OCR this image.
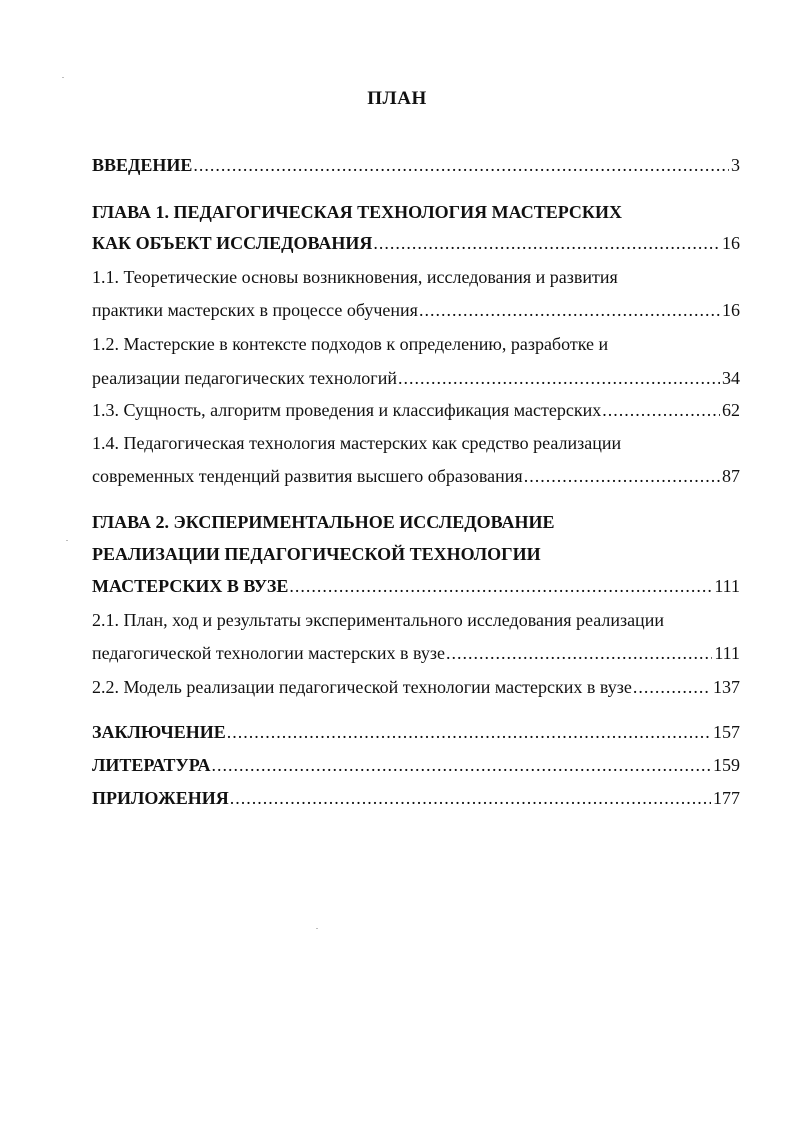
ПЛАН
ВВЕДЕНИЕ .....	3
ГЛАВА 1. ПЕДАГОГИЧЕСКАЯ ТЕХНОЛОГИЯ МАСТЕРСКИХ
КАК ОБЪЕКТ ИССЛЕДОВАНИЯ .....	16
1.1. Теоретические основы возникновения, исследования и развития
практики мастерских в процессе обучения .....	16
1.2. Мастерские в контексте подходов к определению, разработке и
реализации педагогических технологий .....	34
1.3. Сущность, алгоритм проведения и классификация мастерских .....	62
1.4. Педагогическая технология мастерских как средство реализации
современных тенденций развития высшего образования .....	87
ГЛАВА 2. ЭКСПЕРИМЕНТАЛЬНОЕ ИССЛЕДОВАНИЕ
РЕАЛИЗАЦИИ ПЕДАГОГИЧЕСКОЙ ТЕХНОЛОГИИ
МАСТЕРСКИХ В ВУЗЕ .....	111
2.1. План, ход и результаты экспериментального исследования реализации
педагогической технологии мастерских в вузе .....	111
2.2. Модель реализации педагогической технологии мастерских в вузе .....	137
ЗАКЛЮЧЕНИЕ .....	157
ЛИТЕРАТУРА .....	159
ПРИЛОЖЕНИЯ .....	177
